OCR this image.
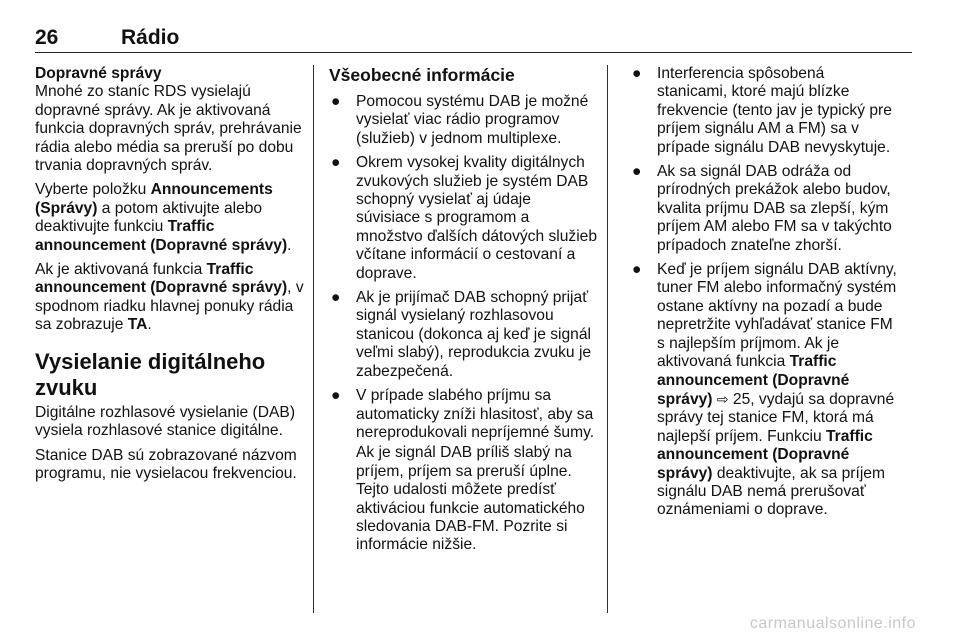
26	Rádio

Dopravné správy

Mnohé zo staníc RDS vysielajú dopravné správy. Ak je aktivovaná funkcia dopravných správ, prehrávanie rádia alebo média sa preruší po dobu trvania dopravných správ.

Vyberte položku Announcements (Správy) a potom aktivujte alebo deaktivujte funkciu Traffic announcement (Dopravné správy).

Ak je aktivovaná funkcia Traffic announcement (Dopravné správy), v spodnom riadku hlavnej ponuky rádia sa zobrazuje TA.

Vysielanie digitálneho zvuku

Digitálne rozhlasové vysielanie (DAB) vysiela rozhlasové stanice digitálne.

Stanice DAB sú zobrazované názvom programu, nie vysielacou frekvenciou.

Všeobecné informácie

● Pomocou systému DAB je možné vysielať viac rádio programov (služieb) v jednom multiplexe.
● Okrem vysokej kvality digitálnych zvukových služieb je systém DAB schopný vysielať aj údaje súvisiace s programom a množstvo ďalších dátových služieb včítane informácií o cestovaní a doprave.
● Ak je prijímač DAB schopný prijať signál vysielaný rozhlasovou stanicou (dokonca aj keď je signál veľmi slabý), reprodukcia zvuku je zabezpečená.
● V prípade slabého príjmu sa automaticky zníži hlasitosť, aby sa nereprodukovali nepríjemné šumy.
Ak je signál DAB príliš slabý na príjem, príjem sa preruší úplne. Tejto udalosti môžete predísť aktiváciou funkcie automatického sledovania DAB-FM. Pozrite si informácie nižšie.
● Interferencia spôsobená stanicami, ktoré majú blízke frekvencie (tento jav je typický pre príjem signálu AM a FM) sa v prípade signálu DAB nevyskytuje.
● Ak sa signál DAB odráža od prírodných prekážok alebo budov, kvalita príjmu DAB sa zlepší, kým príjem AM alebo FM sa v takýchto prípadoch znateľne zhorší.
● Keď je príjem signálu DAB aktívny, tuner FM alebo informačný systém ostane aktívny na pozadí a bude nepretržite vyhľadávať stanice FM s najlepším príjmom. Ak je aktivovaná funkcia Traffic announcement (Dopravné správy) ⇨ 25, vydajú sa dopravné správy tej stanice FM, ktorá má najlepší príjem. Funkciu Traffic announcement (Dopravné správy) deaktivujte, ak sa príjem signálu DAB nemá prerušovať oznámeniami o doprave.
carmanualsonline.info
